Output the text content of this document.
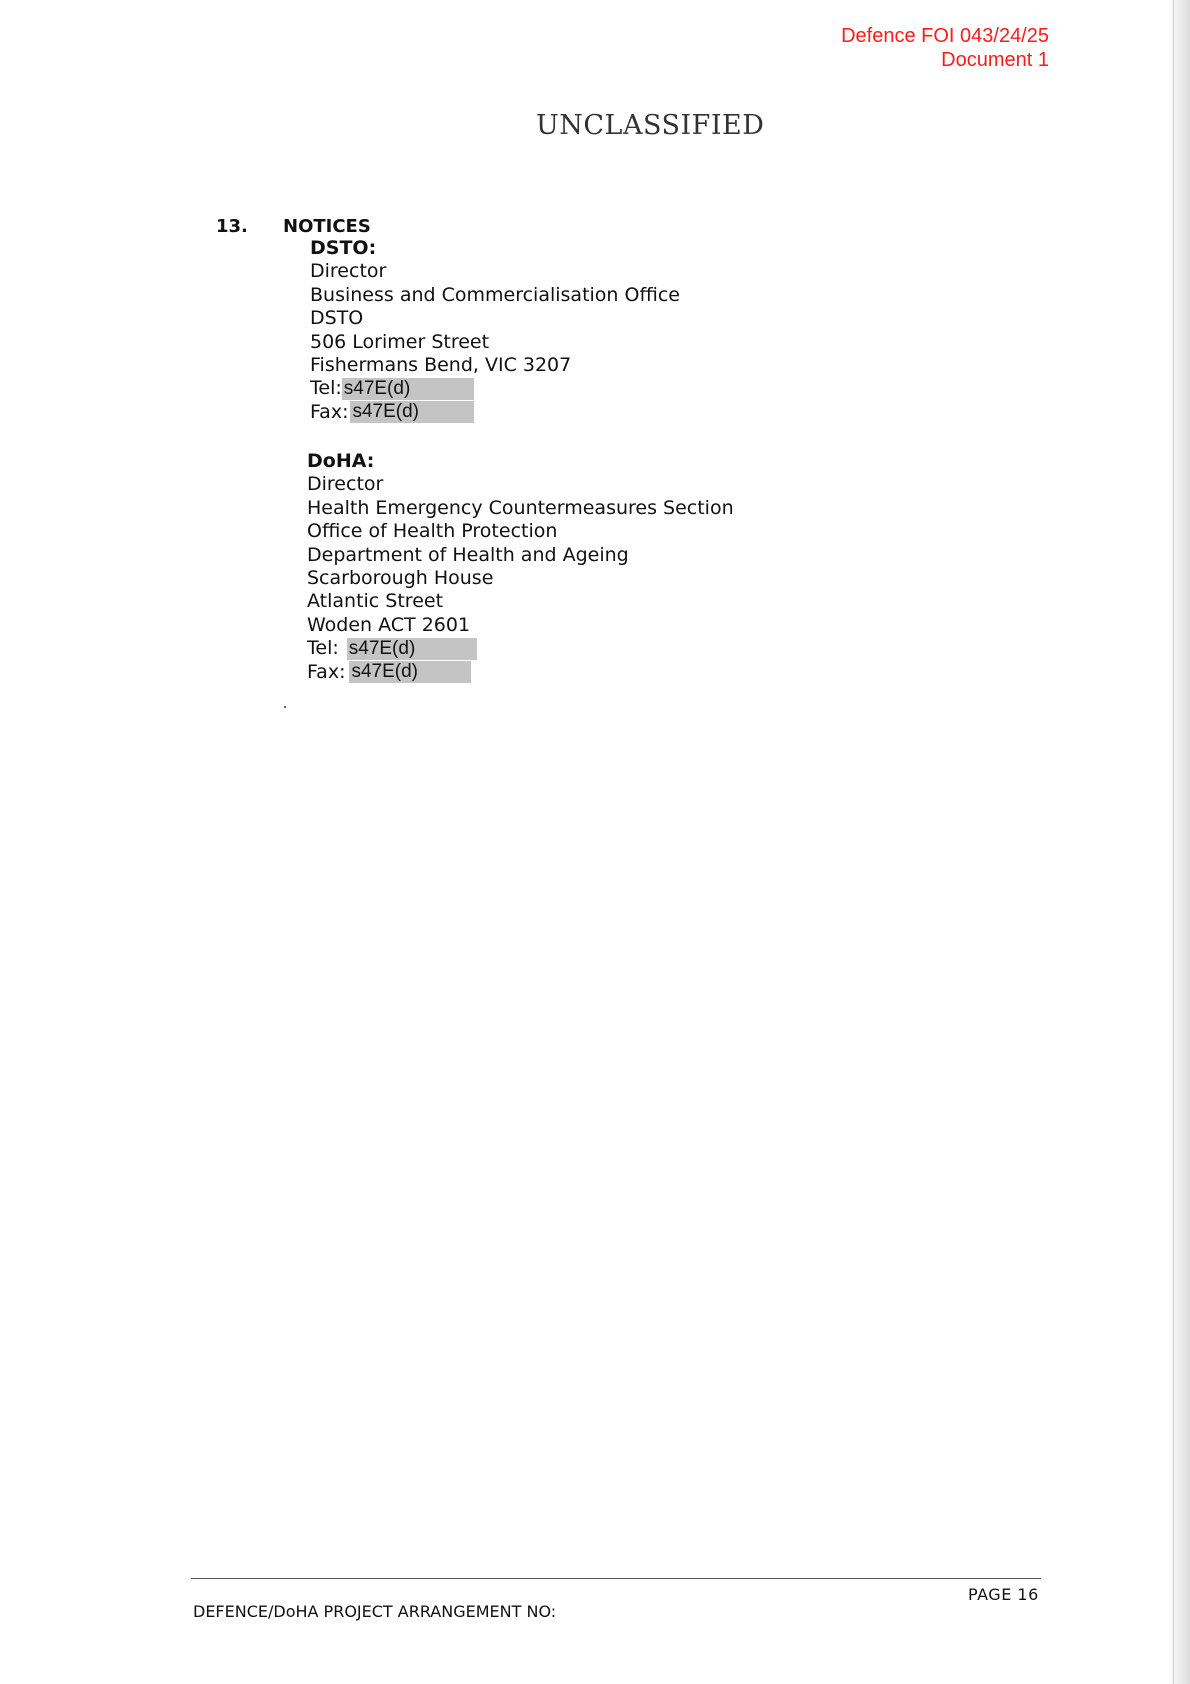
Defence FOI 043/24/25
Document 1
UNCLASSIFIED
13. NOTICES
DSTO:
Director
Business and Commercialisation Office
DSTO
506 Lorimer Street
Fishermans Bend, VIC 3207
Tel: s47E(d)
Fax: s47E(d)
DoHA:
Director
Health Emergency Countermeasures Section
Office of Health Protection
Department of Health and Ageing
Scarborough House
Atlantic Street
Woden ACT 2601
Tel: s47E(d)
Fax: s47E(d)
PAGE 16
DEFENCE/DoHA PROJECT ARRANGEMENT NO:
